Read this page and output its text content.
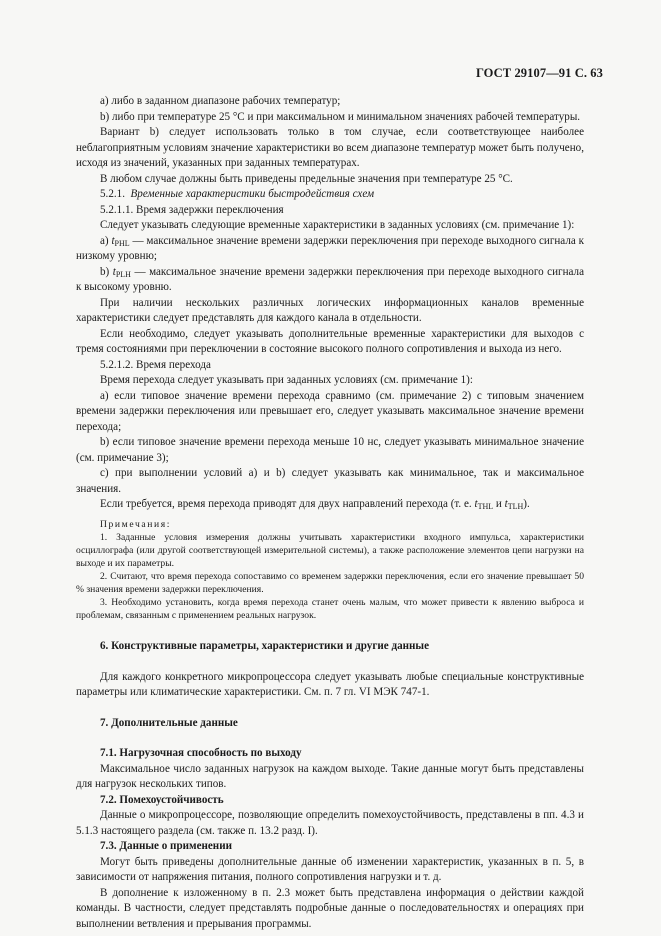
ГОСТ 29107—91 С. 63

а) либо в заданном диапазоне рабочих температур;

b) либо при температуре 25 °С и при максимальном и минимальном значениях рабочей температуры.

Вариант b) следует использовать только в том случае, если соответствующее наиболее неблагоприятным условиям значение характеристики во всем диапазоне температур может быть получено, исходя из значений, указанных при заданных температурах.

В любом случае должны быть приведены предельные значения при температуре 25 °С.

5.2.1. Временные характеристики быстродействия схем

5.2.1.1. Время задержки переключения

Следует указывать следующие временные характеристики в заданных условиях (см. примечание 1):

а) tPHL — максимальное значение времени задержки переключения при переходе выходного сигнала к низкому уровню;

b) tPLH — максимальное значение времени задержки переключения при переходе выходного сигнала к высокому уровню.

При наличии нескольких различных логических информационных каналов временные характеристики следует представлять для каждого канала в отдельности.

Если необходимо, следует указывать дополнительные временные характеристики для выходов с тремя состояниями при переключении в состояние высокого полного сопротивления и выхода из него.

5.2.1.2. Время перехода

Время перехода следует указывать при заданных условиях (см. примечание 1):

а) если типовое значение времени перехода сравнимо (см. примечание 2) с типовым значением времени задержки переключения или превышает его, следует указывать максимальное значение времени перехода;

b) если типовое значение времени перехода меньше 10 нс, следует указывать минимальное значение (см. примечание 3);

с) при выполнении условий а) и b) следует указывать как минимальное, так и максимальное значения.

Если требуется, время перехода приводят для двух направлений перехода (т. е. tTHL и tTLH).

Примечания:

1. Заданные условия измерения должны учитывать характеристики входного импульса, характеристики осциллографа (или другой соответствующей измерительной системы), а также расположение элементов цепи нагрузки на выходе и их параметры.

2. Считают, что время перехода сопоставимо со временем задержки переключения, если его значение превышает 50 % значения времени задержки переключения.

3. Необходимо установить, когда время перехода станет очень малым, что может привести к явлению выброса и проблемам, связанным с применением реальных нагрузок.

6. Конструктивные параметры, характеристики и другие данные

Для каждого конкретного микропроцессора следует указывать любые специальные конструктивные параметры или климатические характеристики. См. п. 7 гл. VI МЭК 747-1.

7. Дополнительные данные

7.1. Нагрузочная способность по выходу

Максимальное число заданных нагрузок на каждом выходе. Такие данные могут быть представлены для нагрузок нескольких типов.

7.2. Помехоустойчивость

Данные о микропроцессоре, позволяющие определить помехоустойчивость, представлены в пп. 4.3 и 5.1.3 настоящего раздела (см. также п. 13.2 разд. I).

7.3. Данные о применении

Могут быть приведены дополнительные данные об изменении характеристик, указанных в п. 5, в зависимости от напряжения питания, полного сопротивления нагрузки и т. д.

В дополнение к изложенному в п. 2.3 может быть представлена информация о действии каждой команды. В частности, следует представлять подробные данные о последовательностях и операциях при выполнении ветвления и прерывания программы.
